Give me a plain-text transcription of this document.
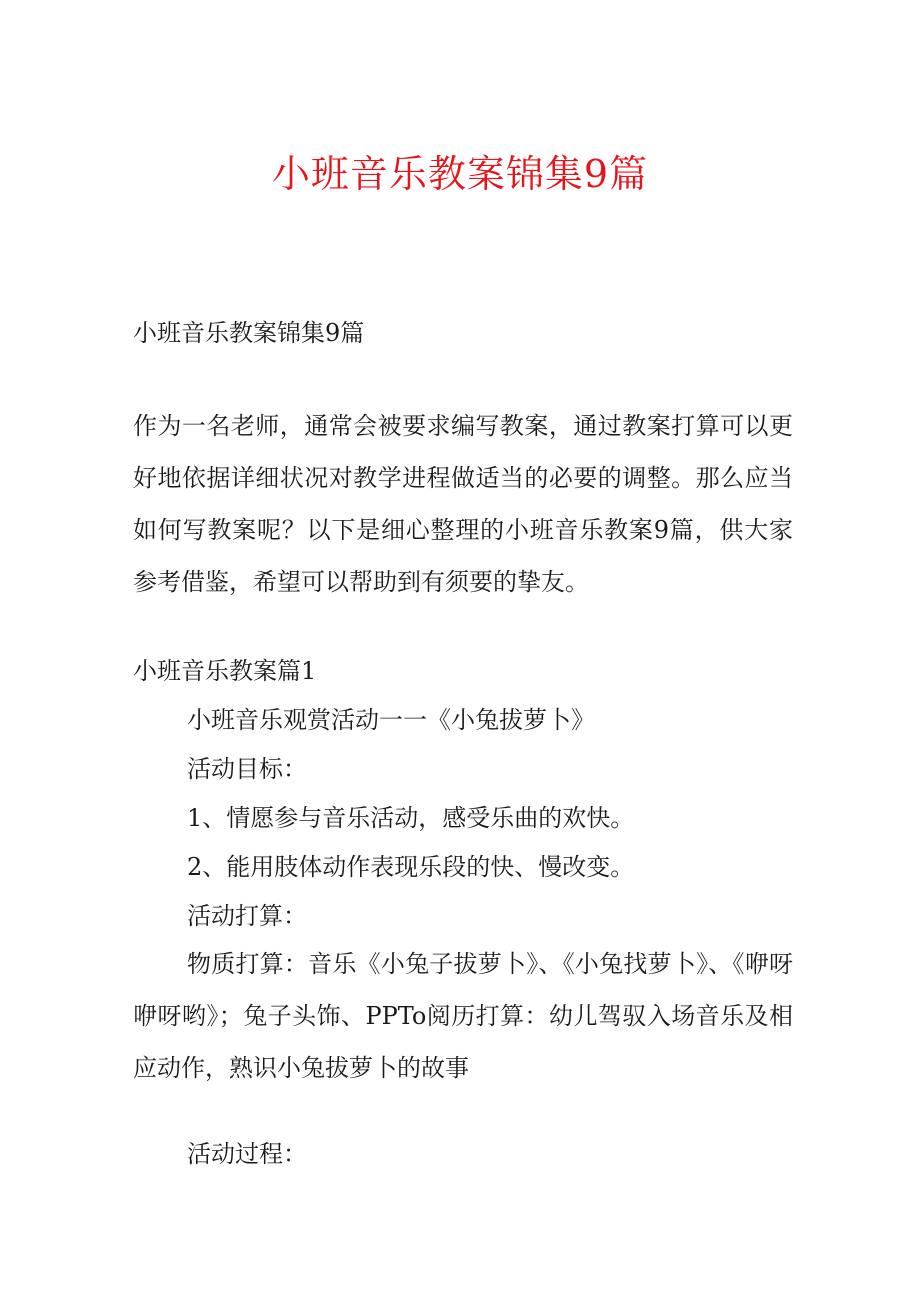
小班音乐教案锦集9篇
小班音乐教案锦集9篇
作为一名老师，通常会被要求编写教案，通过教案打算可以更好地依据详细状况对教学进程做适当的必要的调整。那么应当如何写教案呢？以下是细心整理的小班音乐教案9篇，供大家参考借鉴，希望可以帮助到有须要的挚友。
小班音乐教案篇1
小班音乐观赏活动一一《小兔拔萝卜》
活动目标：
1、情愿参与音乐活动，感受乐曲的欢快。
2、能用肢体动作表现乐段的快、慢改变。
活动打算：
物质打算：音乐《小兔子拔萝卜》、《小兔找萝卜》、《咿呀咿呀哟》；兔子头饰、PPTo阅历打算：幼儿驾驭入场音乐及相应动作，熟识小兔拔萝卜的故事
活动过程：
